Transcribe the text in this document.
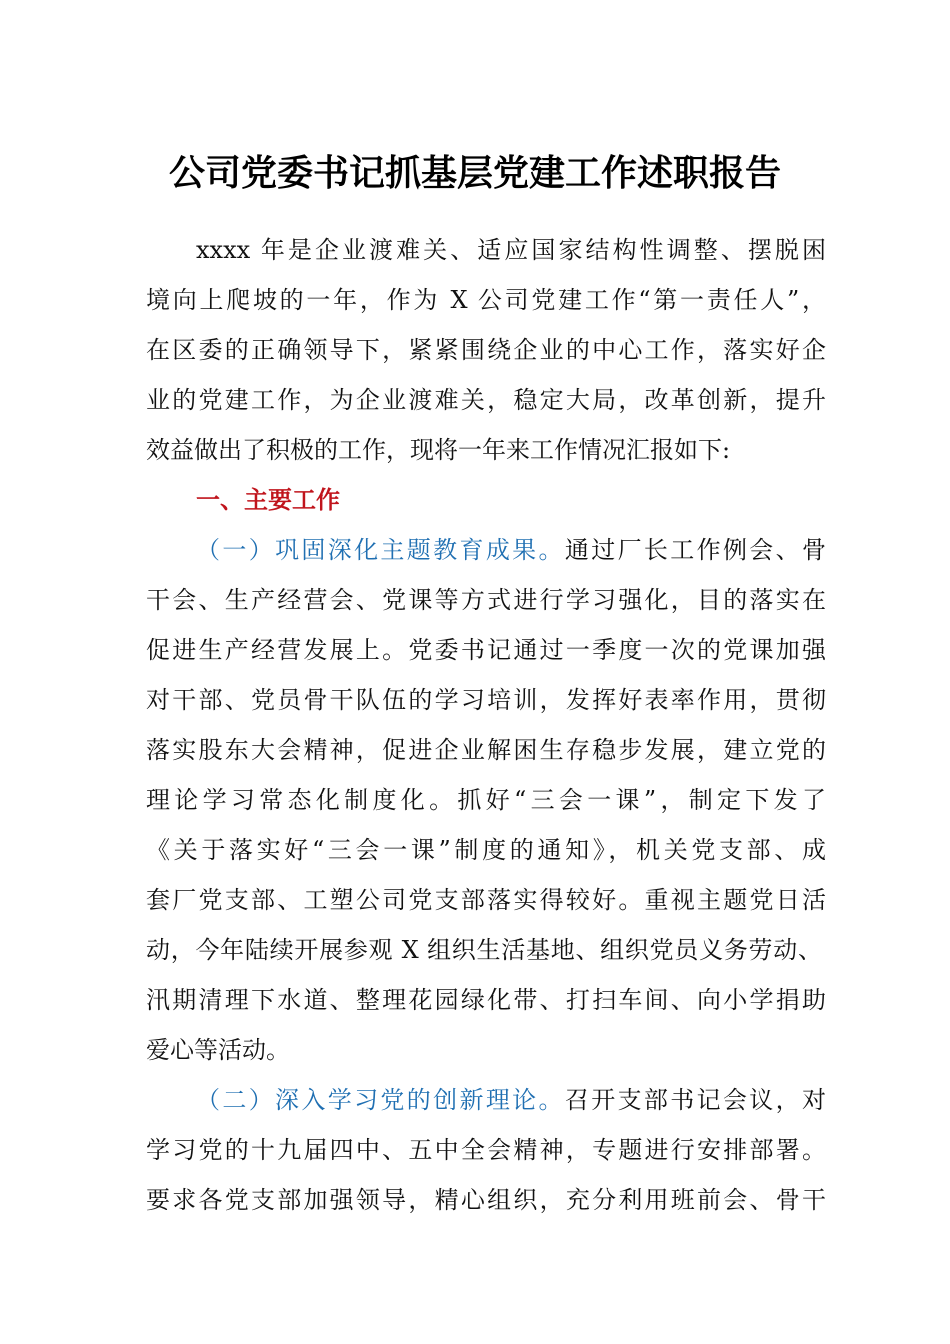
公司党委书记抓基层党建工作述职报告

xxxx 年是企业渡难关、适应国家结构性调整、摆脱困

境向上爬坡的一年，作为 X 公司党建工作“第一责任人”，

在区委的正确领导下，紧紧围绕企业的中心工作，落实好企

业的党建工作，为企业渡难关，稳定大局，改革创新，提升

效益做出了积极的工作，现将一年来工作情况汇报如下:

一、主要工作

（一）巩固深化主题教育成果。通过厂长工作例会、骨

干会、生产经营会、党课等方式进行学习强化，目的落实在

促进生产经营发展上。党委书记通过一季度一次的党课加强

对干部、党员骨干队伍的学习培训，发挥好表率作用，贯彻

落实股东大会精神，促进企业解困生存稳步发展，建立党的

理论学习常态化制度化。抓好“三会一课”，制定下发了

《关于落实好“三会一课”制度的通知》，机关党支部、成

套厂党支部、工塑公司党支部落实得较好。重视主题党日活

动，今年陆续开展参观 X 组织生活基地、组织党员义务劳动、

汛期清理下水道、整理花园绿化带、打扫车间、向小学捐助

爱心等活动。

（二）深入学习党的创新理论。召开支部书记会议，对

学习党的十九届四中、五中全会精神，专题进行安排部署。

要求各党支部加强领导，精心组织，充分利用班前会、骨干
